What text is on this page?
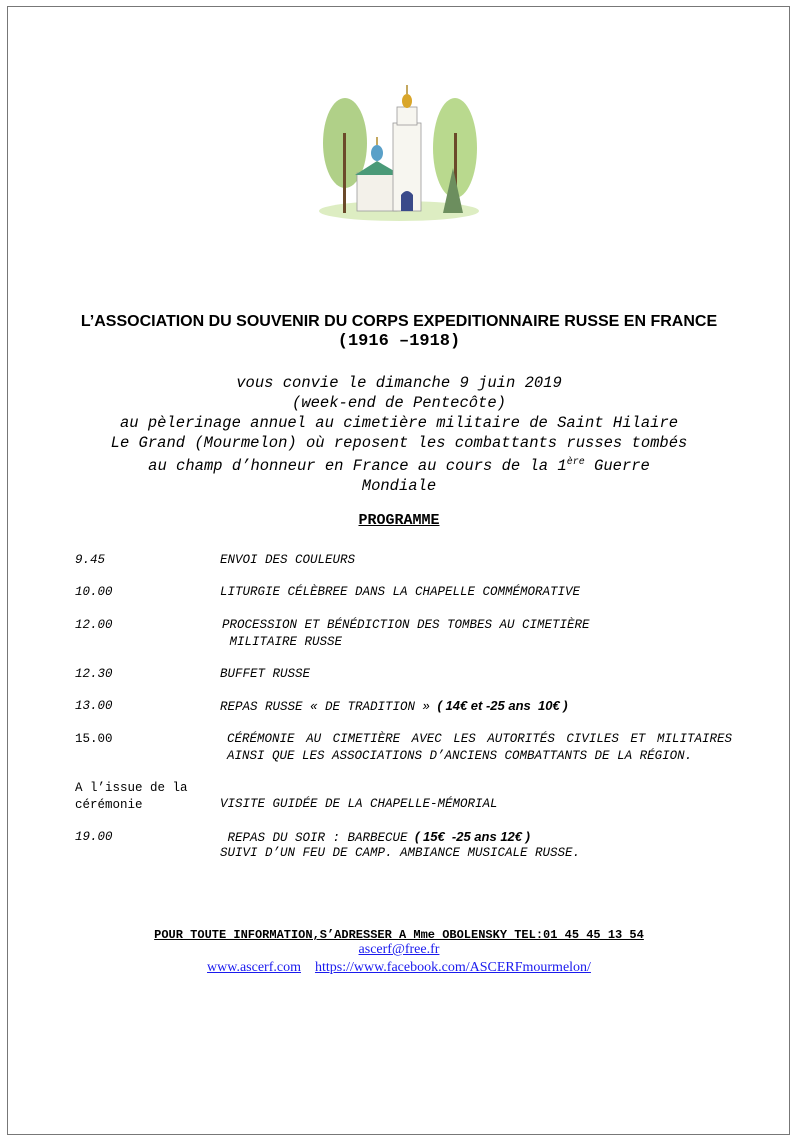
L’ASSOCIATION DU SOUVENIR DU CORPS EXPEDITIONNAIRE RUSSE EN FRANCE
(1916 –1918)
vous convie le dimanche 9 juin 2019
(week-end de Pentecôte)
au pèlerinage annuel au cimetière militaire de Saint Hilaire
Le Grand (Mourmelon) où reposent les combattants russes tombés
au champ d’honneur en France au cours de la 1ère Guerre
Mondiale
PROGRAMME
9.45	ENVOI DES COULEURS
10.00	LITURGIE CÉLÈBREE DANS LA CHAPELLE COMMÉMORATIVE
12.00	PROCESSION ET BÉNÉDICTION DES TOMBES AU CIMETIÈRE
MILITAIRE RUSSE
12.30	BUFFET RUSSE
13.00	REPAS RUSSE « DE TRADITION » ( 14€ et -25 ans  10€ )
15.00	CÉRÉMONIE AU CIMETIÈRE AVEC LES AUTORITÉS CIVILES ET MILITAIRES AINSI QUE LES ASSOCIATIONS D’ANCIENS COMBATTANTS DE LA RÉGION.
A l’issue de la
cérémonie	VISITE GUIDÉE DE LA CHAPELLE-MÉMORIAL
19.00	REPAS DU SOIR : BARBECUE ( 15€  -25 ans 12€ )
SUIVI D’UN FEU DE CAMP. AMBIANCE MUSICALE RUSSE.
POUR TOUTE INFORMATION,S’ADRESSER A Mme OBOLENSKY TEL:01 45 45 13 54
ascerf@free.fr
www.ascerf.com https://www.facebook.com/ASCERFmourmelon/
